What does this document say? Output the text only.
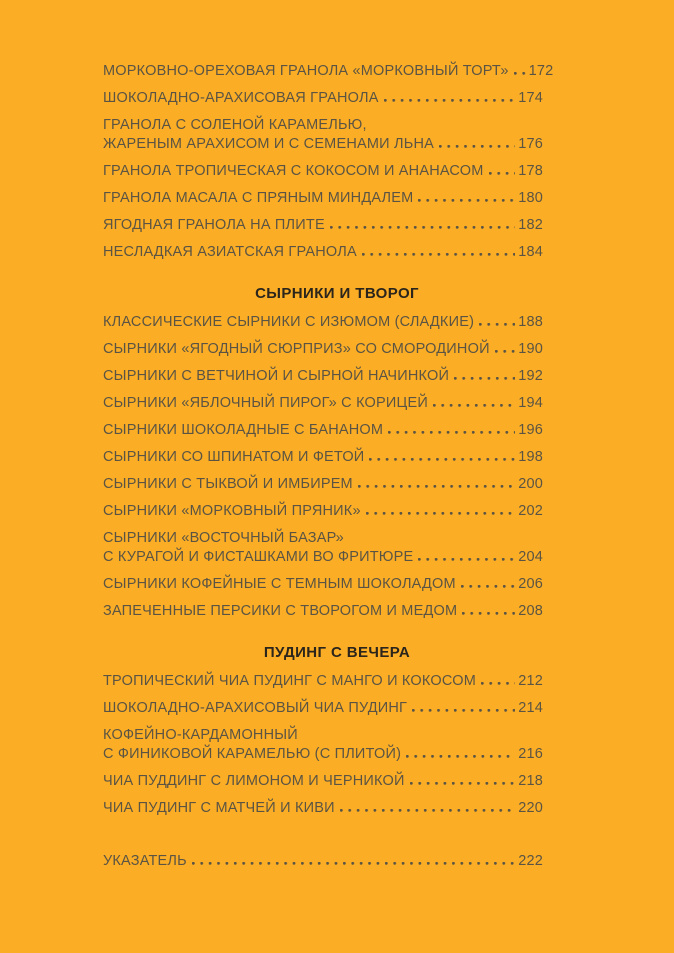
МОРКОВНО-ОРЕХОВАЯ ГРАНОЛА «МОРКОВНЫЙ ТОРТ» 172
ШОКОЛАДНО-АРАХИСОВАЯ ГРАНОЛА	174
ГРАНОЛА С СОЛЕНОЙ КАРАМЕЛЬЮ,
ЖАРЕНЫМ АРАХИСОМ И С СЕМЕНАМИ ЛЬНА	176
ГРАНОЛА ТРОПИЧЕСКАЯ С КОКОСОМ И АНАНАСОМ 178
ГРАНОЛА МАСАЛА С ПРЯНЫМ МИНДАЛЕМ	180
ЯГОДНАЯ ГРАНОЛА НА ПЛИТЕ	182
НЕСЛАДКАЯ АЗИАТСКАЯ ГРАНОЛА	184
СЫРНИКИ И ТВОРОГ
КЛАССИЧЕСКИЕ СЫРНИКИ С ИЗЮМОМ (СЛАДКИЕ)	188
СЫРНИКИ «ЯГОДНЫЙ СЮРПРИЗ» СО СМОРОДИНОЙ 190
СЫРНИКИ С ВЕТЧИНОЙ И СЫРНОЙ НАЧИНКОЙ	192
СЫРНИКИ «ЯБЛОЧНЫЙ ПИРОГ» С КОРИЦЕЙ	194
СЫРНИКИ ШОКОЛАДНЫЕ С БАНАНОМ	196
СЫРНИКИ СО ШПИНАТОМ И ФЕТОЙ	198
СЫРНИКИ С ТЫКВОЙ И ИМБИРЕМ	200
СЫРНИКИ «МОРКОВНЫЙ ПРЯНИК»	202
СЫРНИКИ «ВОСТОЧНЫЙ БАЗАР»
С КУРАГОЙ И ФИСТАШКАМИ ВО ФРИТЮРЕ	204
СЫРНИКИ КОФЕЙНЫЕ С ТЕМНЫМ ШОКОЛАДОМ	206
ЗАПЕЧЕННЫЕ ПЕРСИКИ С ТВОРОГОМ И МЕДОМ	208
ПУДИНГ С ВЕЧЕРА
ТРОПИЧЕСКИЙ ЧИА ПУДИНГ С МАНГО И КОКОСОМ	212
ШОКОЛАДНО-АРАХИСОВЫЙ ЧИА ПУДИНГ	214
КОФЕЙНО-КАРДАМОННЫЙ
С ФИНИКОВОЙ КАРАМЕЛЬЮ (С ПЛИТОЙ)	216
ЧИА ПУДДИНГ С ЛИМОНОМ И ЧЕРНИКОЙ	218
ЧИА ПУДИНГ С МАТЧЕЙ И КИВИ	220
УКАЗАТЕЛЬ	222
